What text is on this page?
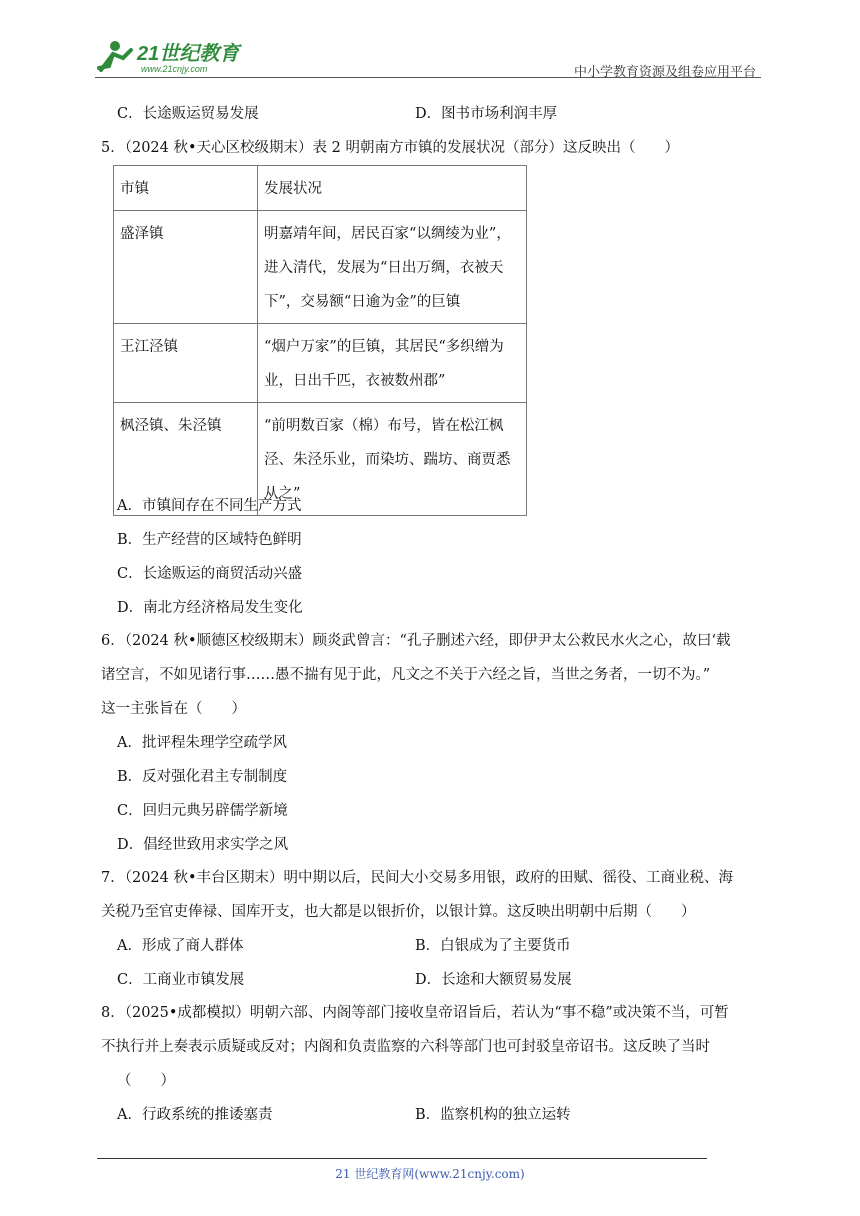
21世纪教育
www.21cnjy.com	中小学教育资源及组卷应用平台
C．长途贩运贸易发展	D．图书市场利润丰厚
5．（2024 秋•天心区校级期末）表 2 明朝南方市镇的发展状况（部分）这反映出（　　）
市镇	发展状况
盛泽镇	明嘉靖年间，居民百家“以绸绫为业”，进入清代，发展为“日出万绸，衣被天下”，交易额“日逾为金”的巨镇
王江泾镇	“烟户万家”的巨镇，其居民“多织缯为业，日出千匹，衣被数州郡”
枫泾镇、朱泾镇	“前明数百家（棉）布号，皆在松江枫泾、朱泾乐业，而染坊、踹坊、商贾悉从之”
A．市镇间存在不同生产方式
B．生产经营的区域特色鲜明
C．长途贩运的商贸活动兴盛
D．南北方经济格局发生变化
6．（2024 秋•顺德区校级期末）顾炎武曾言：“孔子删述六经，即伊尹太公救民水火之心，故曰‘载
诸空言，不如见诸行事……愚不揣有见于此，凡文之不关于六经之旨，当世之务者，一切不为。”
这一主张旨在（　　）
A．批评程朱理学空疏学风
B．反对强化君主专制制度
C．回归元典另辟儒学新境
D．倡经世致用求实学之风
7．（2024 秋•丰台区期末）明中期以后，民间大小交易多用银，政府的田赋、徭役、工商业税、海
关税乃至官吏俸禄、国库开支，也大都是以银折价，以银计算。这反映出明朝中后期（　　）
A．形成了商人群体	B．白银成为了主要货币
C．工商业市镇发展	D．长途和大额贸易发展
8．（2025•成都模拟）明朝六部、内阁等部门接收皇帝诏旨后，若认为“事不稳”或决策不当，可暂
不执行并上奏表示质疑或反对；内阁和负责监察的六科等部门也可封驳皇帝诏书。这反映了当时
（　　）
A．行政系统的推诿塞责	B．监察机构的独立运转
21 世纪教育网(www.21cnjy.com)
